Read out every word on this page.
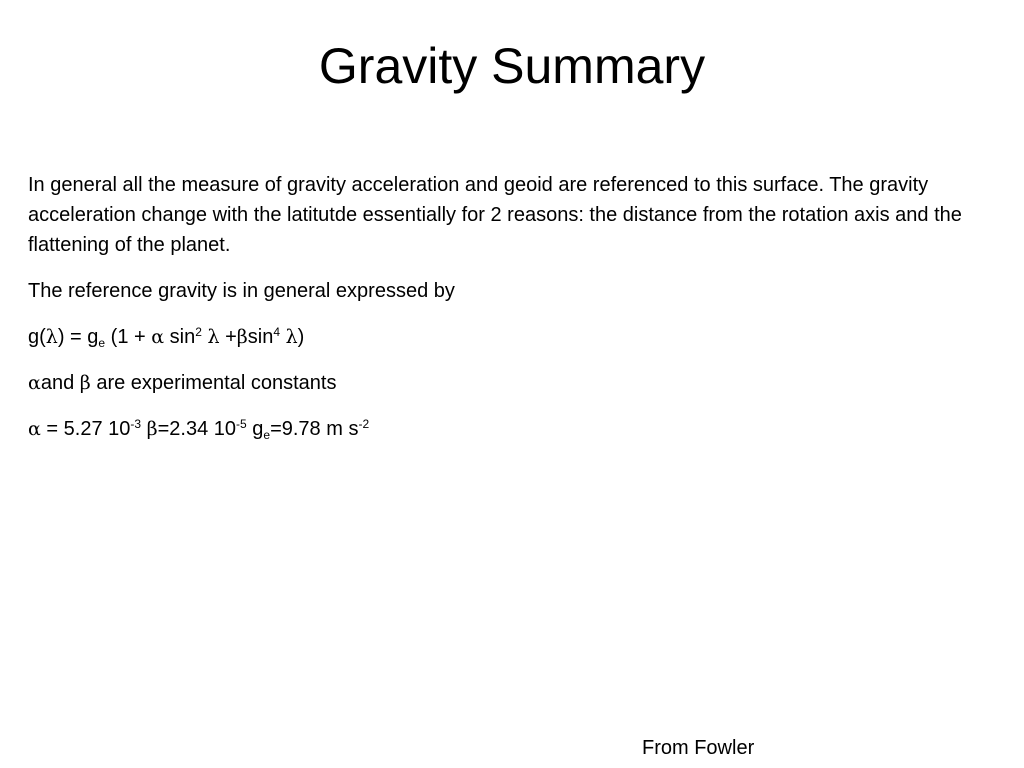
Gravity Summary

In general all the measure of gravity acceleration and geoid are referenced to this surface. The gravity acceleration change with the latitutde essentially for 2 reasons: the distance from the rotation axis and the flattening of the planet.

The reference gravity is in general expressed by

$g(\lambda) = g_e$ (1 + α $\sin^2 \lambda +\beta\sin^4$ λ)

αand β are experimental constants

α = 5.27 $10^{-3}$ β=2.34 $10^{-5}$ $g_e=9.78$ m $s^{-2}$

From Fowler
